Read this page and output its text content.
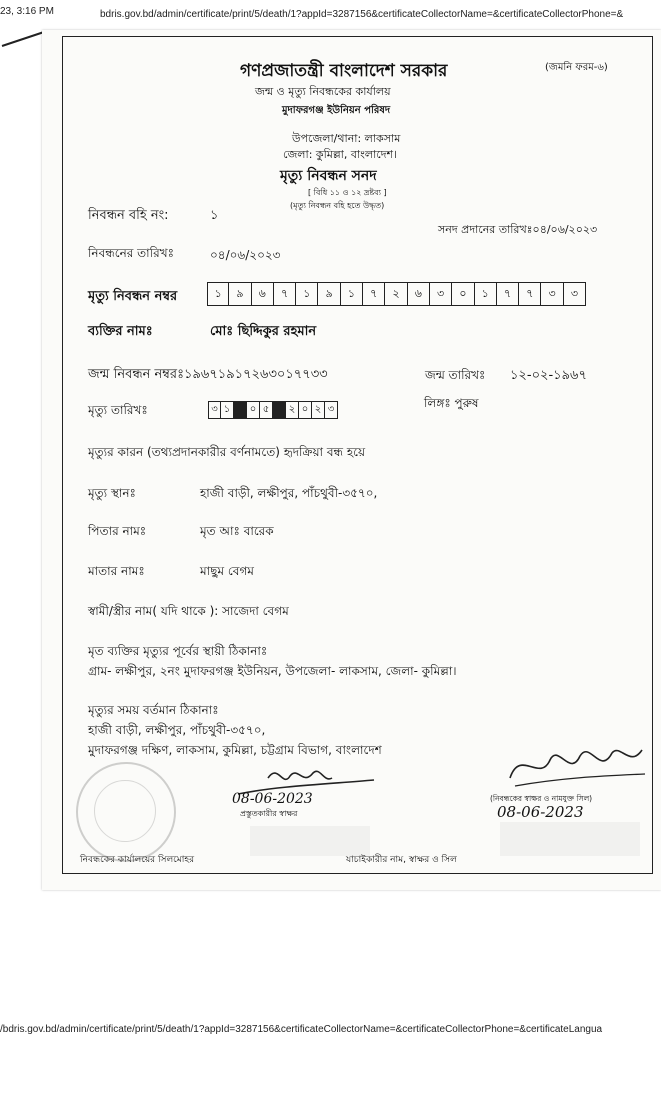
23, 3:16 PM	bdris.gov.bd/admin/certificate/print/5/death/1?appId=3287156&certificateCollectorName=&certificateCollectorPhone=&
(জমনি ফরম-৬)
গণপ্রজাতন্ত্রী বাংলাদেশ সরকার
জন্ম ও মৃত্যু নিবন্ধকের কার্যালয়
মুদাফরগঞ্জ ইউনিয়ন পরিষদ
উপজেলা/থানা: লাকসাম
জেলা: কুমিল্লা, বাংলাদেশ।
মৃত্যু নিবন্ধন সনদ
[ বিধি ১১ ও ১২ দ্রষ্টব্য ]
(মৃত্যু নিবন্ধন বহি হতে উদ্ধৃত)
নিবন্ধন বহি নং:	১
সনদ প্রদানের তারিখঃ০৪/০৬/২০২৩
নিবন্ধনের তারিখঃ	০৪/০৬/২০২৩
মৃত্যু নিবন্ধন নম্বর	১	৯	৬	৭	১	৯	১	৭	২	৬	৩	০	১	৭	৭	৩	৩
ব্যক্তির নামঃ	মোঃ ছিদ্দিকুর রহমান
জন্ম নিবন্ধন নম্বরঃ১৯৬৭১৯১৭২৬৩০১৭৭৩৩	জন্ম তারিখঃ ১২-০২-১৯৬৭
মৃত্যু তারিখঃ	৩ ১	০ ৫	২ ০ ২ ৩	লিঙ্গঃ পুরুষ
মৃত্যুর কারন (তথ্যপ্রদানকারীর বর্ণনামতে) হৃদক্রিয়া বন্ধ হয়ে
মৃত্যু স্থানঃ	হাজী বাড়ী, লক্ষীপুর, পাঁচথুবী-৩৫৭০,
পিতার নামঃ	মৃত আঃ বারেক
মাতার নামঃ	মাছুম বেগম
স্বামী/স্ত্রীর নাম( যদি থাকে ): সাজেদা বেগম
মৃত ব্যক্তির মৃত্যুর পূর্বের স্থায়ী ঠিকানাঃ
গ্রাম- লক্ষীপুর, ২নং মুদাফরগঞ্জ ইউনিয়ন, উপজেলা- লাকসাম, জেলা- কুমিল্লা।
মৃত্যুর সময় বর্তমান ঠিকানাঃ
হাজী বাড়ী, লক্ষীপুর, পাঁচথুবী-৩৫৭০,
মুদাফরগঞ্জ দক্ষিণ, লাকসাম, কুমিল্লা, চট্টগ্রাম বিভাগ, বাংলাদেশ
08-06-2023
প্রস্তুতকারীর স্বাক্ষর
(নিবন্ধকের স্বাক্ষর ও নামযুক্ত সিল)
08-06-2023
নিবন্ধকের কার্যালয়ের সিলমোহর	যাচাইকারীর নাম, স্বাক্ষর ও সিল
/bdris.gov.bd/admin/certificate/print/5/death/1?appId=3287156&certificateCollectorName=&certificateCollectorPhone=&certificateLangua
